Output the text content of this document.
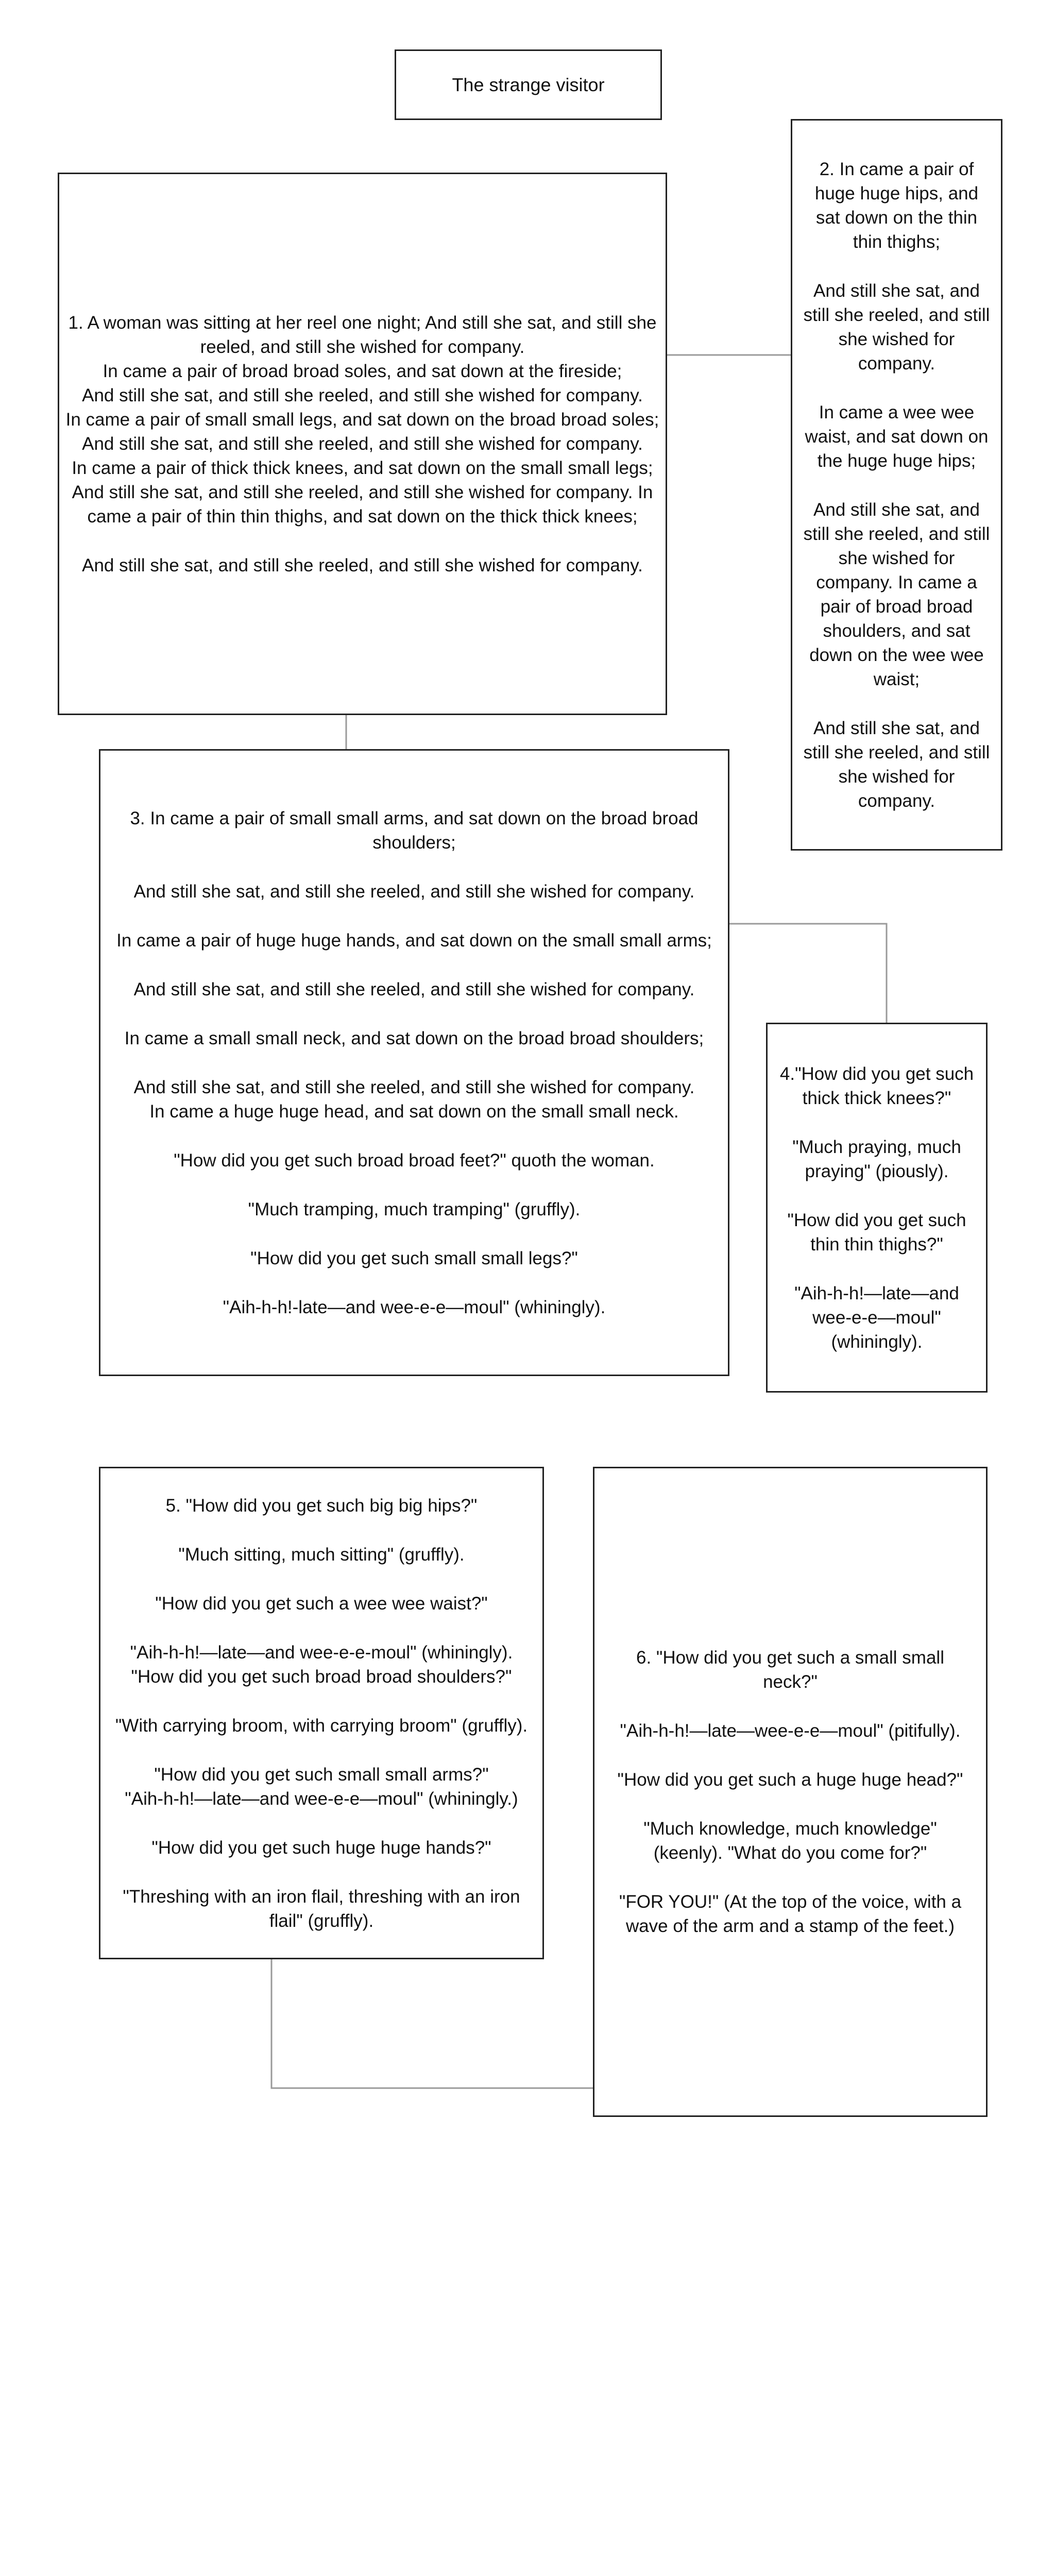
The strange visitor

1. A woman was sitting at her reel one night; And still she sat, and still she reeled, and still she wished for company.

In came a pair of broad broad soles, and sat down at the fireside;

And still she sat, and still she reeled, and still she wished for company.

In came a pair of small small legs, and sat down on the broad broad soles;

And still she sat, and still she reeled, and still she wished for company.

In came a pair of thick thick knees, and sat down on the small small legs;

And still she sat, and still she reeled, and still she wished for company. In came a pair of thin thin thighs, and sat down on the thick thick knees;

And still she sat, and still she reeled, and still she wished for company.

2. In came a pair of huge huge hips, and sat down on the thin thin thighs;

And still she sat, and still she reeled, and still she wished for company.

In came a wee wee waist, and sat down on the huge huge hips;

And still she sat, and still she reeled, and still she wished for company. In came a pair of broad broad shoulders, and sat down on the wee wee waist;

And still she sat, and still she reeled, and still she wished for company.

3. In came a pair of small small arms, and sat down on the broad broad shoulders;

And still she sat, and still she reeled, and still she wished for company.

In came a pair of huge huge hands, and sat down on the small small arms;

And still she sat, and still she reeled, and still she wished for company.

In came a small small neck, and sat down on the broad broad shoulders;

And still she sat, and still she reeled, and still she wished for company.

In came a huge huge head, and sat down on the small small neck.

"How did you get such broad broad feet?" quoth the woman.

"Much tramping, much tramping" (gruffly).

"How did you get such small small legs?"

"Aih-h-h!-late—and wee-e-e—moul" (whiningly).

4."How did you get such thick thick knees?"

"Much praying, much praying" (piously).

"How did you get such thin thin thighs?"

"Aih-h-h!—late—and wee-e-e—moul" (whiningly).

5. "How did you get such big big hips?"

"Much sitting, much sitting" (gruffly).

"How did you get such a wee wee waist?"

"Aih-h-h!—late—and wee-e-e-moul" (whiningly).

"How did you get such broad broad shoulders?"

"With carrying broom, with carrying broom" (gruffly).

"How did you get such small small arms?"

"Aih-h-h!—late—and wee-e-e—moul" (whiningly.)

"How did you get such huge huge hands?"

"Threshing with an iron flail, threshing with an iron flail" (gruffly).

6. "How did you get such a small small neck?"

"Aih-h-h!—late—wee-e-e—moul" (pitifully).

"How did you get such a huge huge head?"

"Much knowledge, much knowledge" (keenly). "What do you come for?"

"FOR YOU!" (At the top of the voice, with a wave of the arm and a stamp of the feet.)
